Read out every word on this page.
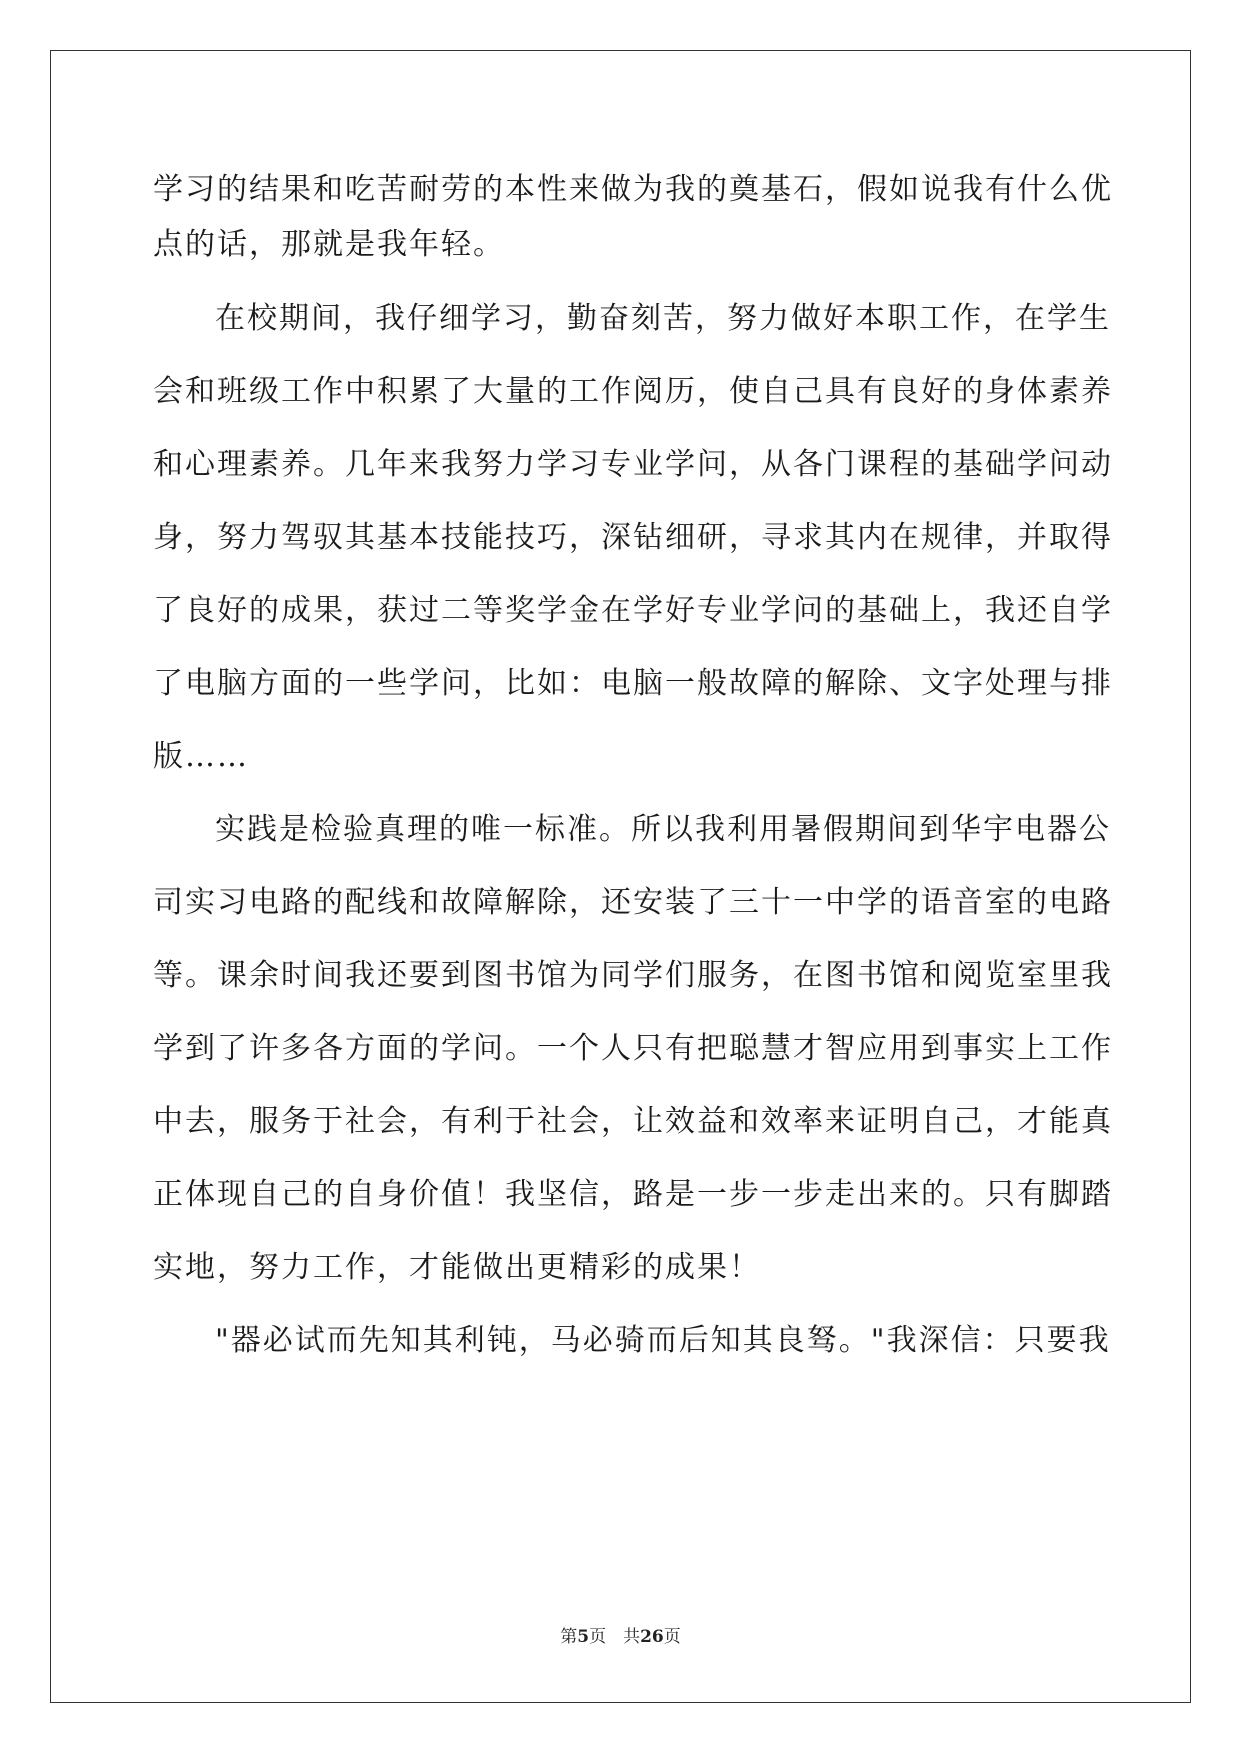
学习的结果和吃苦耐劳的本性来做为我的奠基石，假如说我有什么优
点的话，那就是我年轻。
在校期间，我仔细学习，勤奋刻苦，努力做好本职工作，在学生
会和班级工作中积累了大量的工作阅历，使自己具有良好的身体素养
和心理素养。几年来我努力学习专业学问，从各门课程的基础学问动
身，努力驾驭其基本技能技巧，深钻细研，寻求其内在规律，并取得
了良好的成果，获过二等奖学金在学好专业学问的基础上，我还自学
了电脑方面的一些学问，比如：电脑一般故障的解除、文字处理与排
版……
实践是检验真理的唯一标准。所以我利用暑假期间到华宇电器公
司实习电路的配线和故障解除，还安装了三十一中学的语音室的电路
等。课余时间我还要到图书馆为同学们服务，在图书馆和阅览室里我
学到了许多各方面的学问。一个人只有把聪慧才智应用到事实上工作
中去，服务于社会，有利于社会，让效益和效率来证明自己，才能真
正体现自己的自身价值！我坚信，路是一步一步走出来的。只有脚踏
实地，努力工作，才能做出更精彩的成果！
"器必试而先知其利钝，马必骑而后知其良驽。"我深信：只要我
第5页　共26页
